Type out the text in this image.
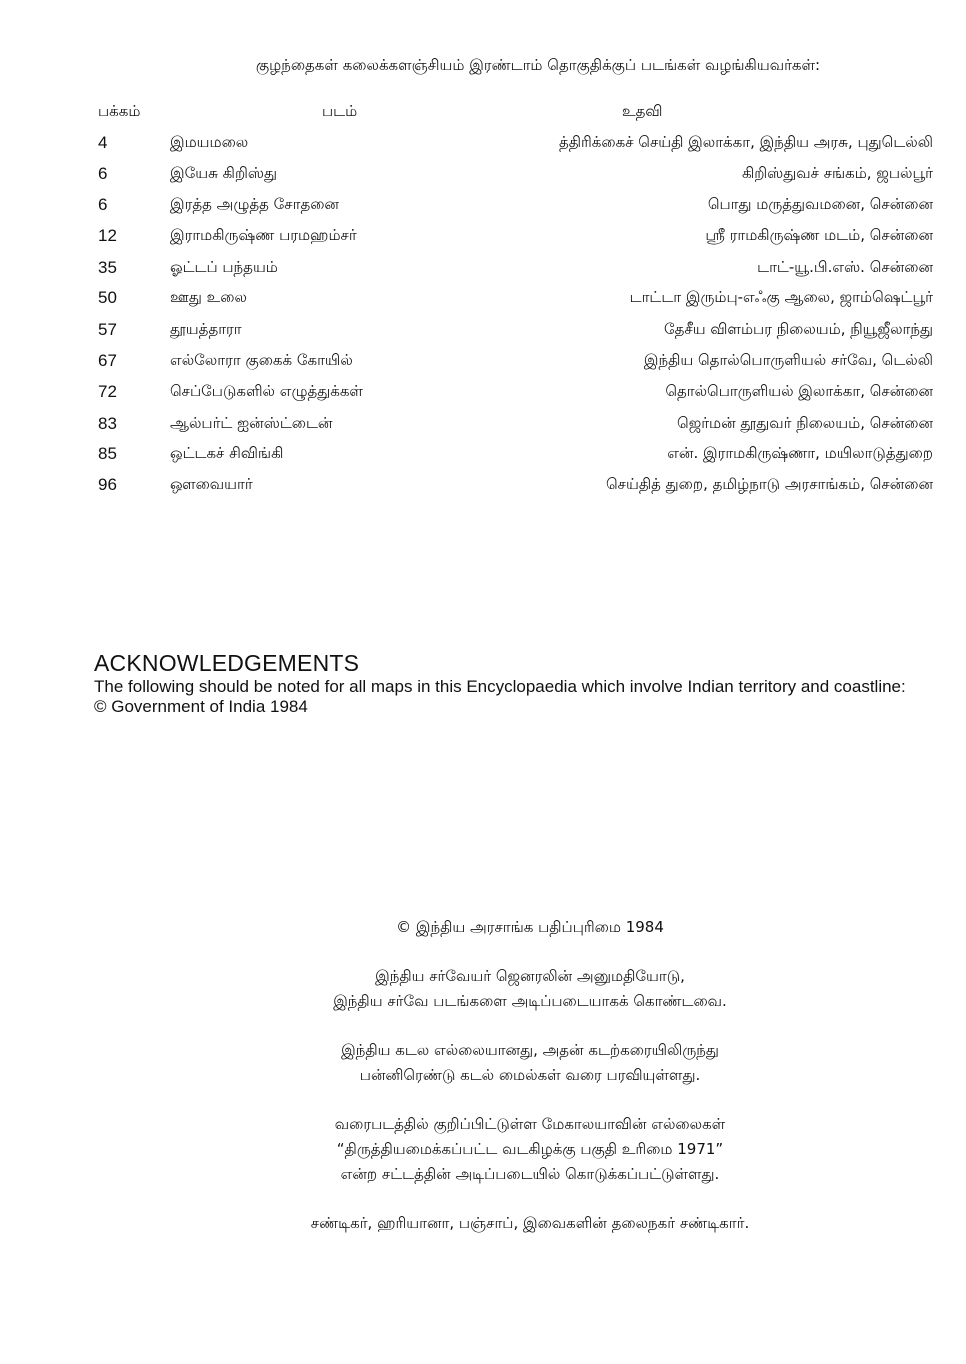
குழந்தைகள் கலைக்களஞ்சியம் இரண்டாம் தொகுதிக்குப் படங்கள் வழங்கியவர்கள்:
பக்கம்	படம்	உதவி
4	இமயமலை	த்திரிக்கைச் செய்தி இலாக்கா, இந்திய அரசு, புதுடெல்லி
6	இயேசு கிறிஸ்து	கிறிஸ்துவச் சங்கம், ஜபல்பூர்
6	இரத்த அழுத்த சோதனை	பொது மருத்துவமனை, சென்னை
12	இராமகிருஷ்ண பரமஹம்சர்	ஸ்ரீ ராமகிருஷ்ண மடம், சென்னை
35	ஓட்டப் பந்தயம்	டாட்-யூ.பி.எஸ். சென்னை
50	ஊது உலை	டாட்டா இரும்பு-எஃகு ஆலை, ஜாம்ஷெட்பூர்
57	தூயத்தாரா	தேசீய விளம்பர நிலையம், நியூஜீலாந்து
67	எல்லோரா குகைக் கோயில்	இந்திய தொல்பொருளியல் சர்வே, டெல்லி
72	செப்பேடுகளில் எழுத்துக்கள்	தொல்பொருளியல் இலாக்கா, சென்னை
83	ஆல்பர்ட் ஐன்ஸ்ட்டைன்	ஜெர்மன் தூதுவர் நிலையம், சென்னை
85	ஒட்டகச் சிவிங்கி	என். இராமகிருஷ்ணா, மயிலாடுத்துறை
96	ஔவையார்	செய்தித் துறை, தமிழ்நாடு அரசாங்கம், சென்னை
ACKNOWLEDGEMENTS

The following should be noted for all maps in this Encyclopaedia which involve Indian territory and coastline:

© Government of India 1984

© இந்திய அரசாங்க பதிப்புரிமை 1984
இந்திய சர்வேயர் ஜெனரலின் அனுமதியோடு,
இந்திய சர்வே படங்களை அடிப்படையாகக் கொண்டவை.
இந்திய கடல எல்லையானது, அதன் கடற்கரையிலிருந்து
பன்னிரெண்டு கடல் மைல்கள் வரை பரவியுள்ளது.
வரைபடத்தில் குறிப்பிட்டுள்ள மேகாலயாவின் எல்லைகள்
“திருத்தியமைக்கப்பட்ட வடகிழக்கு பகுதி உரிமை 1971”
என்ற சட்டத்தின் அடிப்படையில் கொடுக்கப்பட்டுள்ளது.
சண்டிகர், ஹரியானா, பஞ்சாப், இவைகளின் தலைநகர் சண்டிகார்.
